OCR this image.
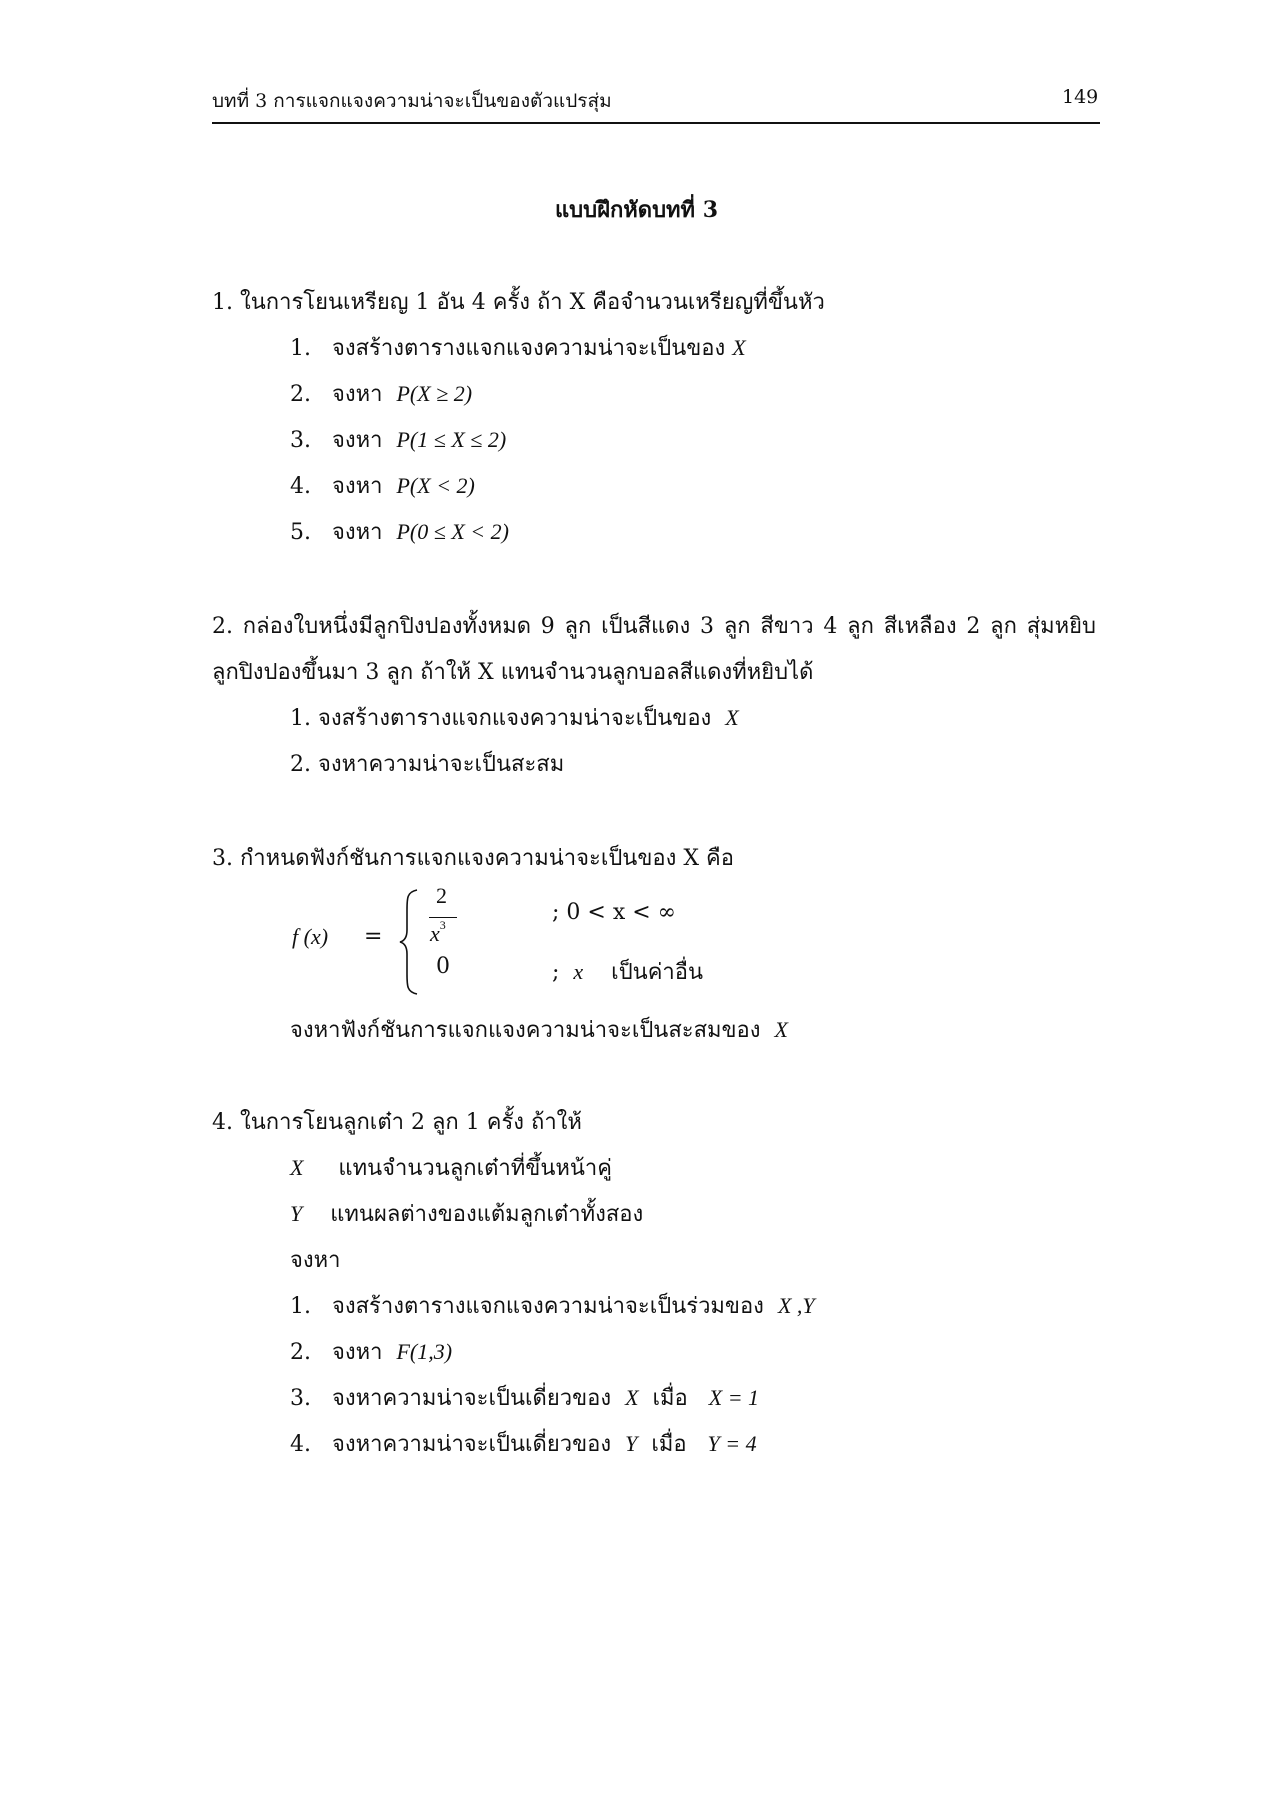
บทที่ 3 การแจกแจงความน่าจะเป็นของตัวแปรสุ่ม	149
แบบฝึกหัดบทที่ 3
1. ในการโยนเหรียญ 1 อัน 4 ครั้ง ถ้า X คือจำนวนเหรียญที่ขึ้นหัว
1. จงสร้างตารางแจกแจงความน่าจะเป็นของ X
2. จงหา P(X ≥ 2)
3. จงหา P(1 ≤ X ≤ 2)
4. จงหา P(X < 2)
5. จงหา P(0 ≤ X < 2)
2. กล่องใบหนึ่งมีลูกปิงปองทั้งหมด 9 ลูก เป็นสีแดง 3 ลูก สีขาว 4 ลูก สีเหลือง 2 ลูก สุ่มหยิบ
ลูกปิงปองขึ้นมา 3 ลูก ถ้าให้ X แทนจำนวนลูกบอลสีแดงที่หยิบได้
1. จงสร้างตารางแจกแจงความน่าจะเป็นของ X
2. จงหาความน่าจะเป็นสะสม
3. กำหนดฟังก์ชันการแจกแจงความน่าจะเป็นของ X คือ
f (x) =
2
$x^3$	; 0 < x < ∞
0	; x เป็นค่าอื่น
จงหาฟังก์ชันการแจกแจงความน่าจะเป็นสะสมของ X
4. ในการโยนลูกเต๋า 2 ลูก 1 ครั้ง ถ้าให้
X แทนจำนวนลูกเต๋าที่ขึ้นหน้าคู่
Y แทนผลต่างของแต้มลูกเต๋าทั้งสอง
จงหา
1. จงสร้างตารางแจกแจงความน่าจะเป็นร่วมของ X ,Y
2. จงหา F(1,3)
3. จงหาความน่าจะเป็นเดี่ยวของ X เมื่อ X = 1
4. จงหาความน่าจะเป็นเดี่ยวของ Y เมื่อ Y = 4
